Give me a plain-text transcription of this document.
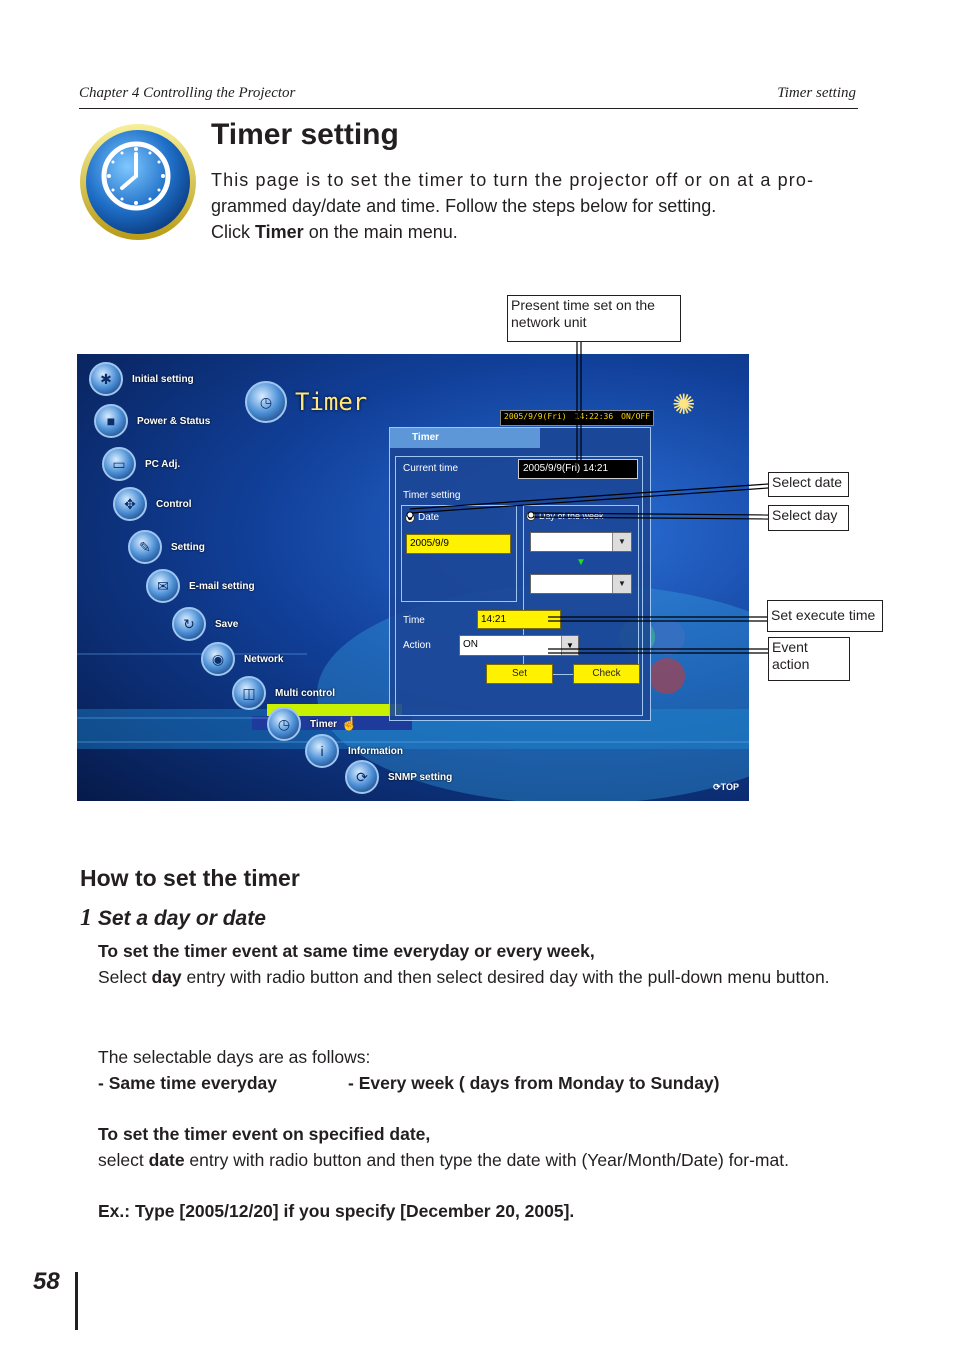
Chapter 4 Controlling the Projector	Timer setting
Timer setting
This page is to set the timer to turn the projector off or on at a pro-
grammed day/date and time. Follow the steps below for setting.
Click Timer on the main menu.
Present time set on the network unit
Select date
Select day
Set execute time
Event action
✱	Initial setting
■	Power & Status
▭	PC Adj.
✥	Control
✎	Setting
✉	E-mail setting
↻	Save
◉	Network
◫	Multi control
◷	Timer ☝
i	Information
⟳	SNMP setting
◷ Timer
2005/9/9(Fri) 14:22:36 ON/OFF ✺
Timer
Current time	2005/9/9(Fri) 14:21
Timer setting
Date	Day of the week
2005/9/9	▼
▼
▼
Time	14:21
Action	ON	▼
Set	Check
⟳TOP
How to set the timer
1 Set a day or date
To set the timer event at same time everyday or every week,
Select day entry with radio button and then select desired day with the pull-down menu button.
The selectable days are as follows:
- Same time everyday	- Every week ( days from Monday to Sunday)
To set the timer event on specified date,
select date entry with radio button and then type the date with (Year/Month/Date) for-mat.
Ex.: Type [2005/12/20] if you specify [December 20, 2005].
58
